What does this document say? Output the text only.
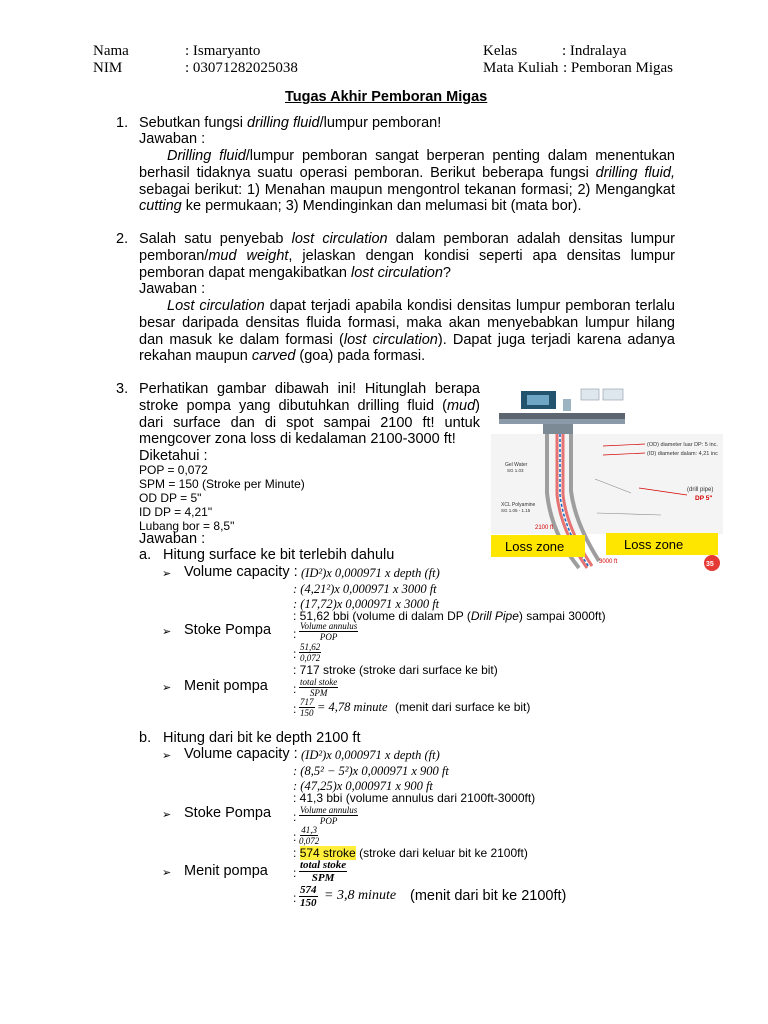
Nama	: Ismaryanto
NIM	: 03071282025038
Kelas	: Indralaya
Mata Kuliah : Pemboran Migas
Tugas Akhir Pemboran Migas
1. Sebutkan fungsi drilling fluid/lumpur pemboran!
Jawaban :

Drilling fluid/lumpur pemboran sangat berperan penting dalam menentukan berhasil tidaknya suatu operasi pemboran. Berikut beberapa fungsi drilling fluid, sebagai berikut: 1) Menahan maupun mengontrol tekanan formasi; 2) Mengangkat cutting ke permukaan; 3) Mendinginkan dan melumasi bit (mata bor).

2. Salah satu penyebab lost circulation dalam pemboran adalah densitas lumpur pemboran/mud weight, jelaskan dengan kondisi seperti apa densitas lumpur pemboran dapat mengakibatkan lost circulation?

Jawaban :

Lost circulation dapat terjadi apabila kondisi densitas lumpur pemboran terlalu besar daripada densitas fluida formasi, maka akan menyebabkan lumpur hilang dan masuk ke dalam formasi (lost circulation). Dapat juga terjadi karena adanya rekahan maupun carved (goa) pada formasi.

3. Perhatikan gambar dibawah ini! Hitunglah berapa stroke pompa yang dibutuhkan drilling fluid (mud) dari surface dan di spot sampai 2100 ft! untuk mengcover zona loss di kedalaman 2100-3000 ft!

Diketahui :
POP = 0,072
SPM = 150 (Stroke per Minute)
OD DP = 5"
ID DP = 4,21"
Lubang bor = 8,5"
Jawaban :
a. Hitung surface ke bit terlebih dahulu
➢ Volume capacity : (ID²)x 0,000971 x depth (ft)
: (4,21²)x 0,000971 x 3000 ft
: (17,72)x 0,000971 x 3000 ft
: 51,62 bbi (volume di dalam DP (Drill Pipe) sampai 3000ft)
➢ Stoke Pompa :
Volume annulus
POP
: $\frac{51,62}{0,072}$
: 717 stroke (stroke dari surface ke bit)
➢ Menit pompa : total stoke
SPM
: $\frac{717}{150} = 4,78$ minute (menit dari surface ke bit)
b. Hitung dari bit ke depth 2100 ft
➢ Volume capacity : (ID²)x 0,000971 x depth (ft)
: (8,5² − 5²)x 0,000971 x 900 ft
: (47,25)x 0,000971 x 900 ft
: 41,3 bbi (volume annulus dari 2100ft-3000ft)
➢ Stoke Pompa : Volume annulus
POP
: $\frac{41,3}{0,072}$
: 574 stroke (stroke dari keluar bit ke 2100ft)
➢ Menit pompa :
total stoke
SPM
: $\frac{574}{150} = 3,8$ minute (menit dari bit ke 2100ft)
Gel Water
SG 1.03
XCL Polyamine
SG 1.05 - 1.15
2100 ft
3000 ft
(OD) diameter luar DP: 5 inc.
(ID) diameter dalam: 4,21 inc
(drill pipe)
DP 5"
Loss zone	Loss zone
35
